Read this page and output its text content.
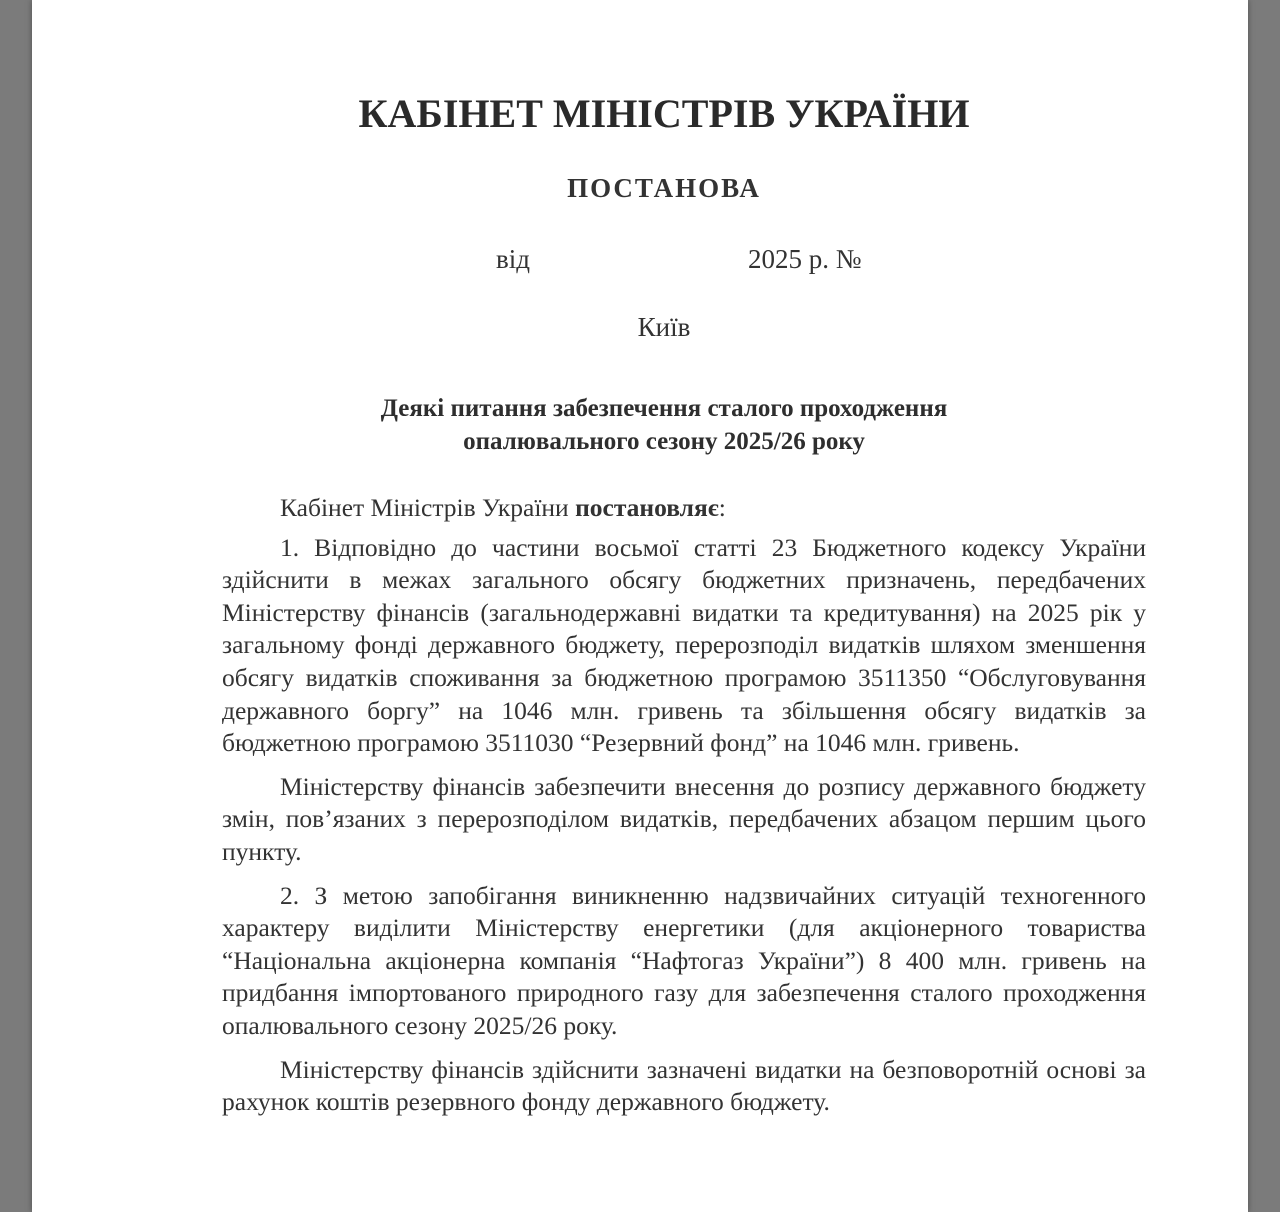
КАБІНЕТ МІНІСТРІВ УКРАЇНИ
ПОСТАНОВА
від	2025 р. №
Київ
Деякі питання забезпечення сталого проходження
опалювального сезону 2025/26 року

Кабінет Міністрів України постановляє:

1. Відповідно до частини восьмої статті 23 Бюджетного кодексу України здійснити в межах загального обсягу бюджетних призначень, передбачених Міністерству фінансів (загальнодержавні видатки та кредитування) на 2025 рік у загальному фонді державного бюджету, перерозподіл видатків шляхом зменшення обсягу видатків споживання за бюджетною програмою 3511350 “Обслуговування державного боргу” на 1046 млн. гривень та збільшення обсягу видатків за бюджетною програмою 3511030 “Резервний фонд” на 1046 млн. гривень.

Міністерству фінансів забезпечити внесення до розпису державного бюджету змін, пов’язаних з перерозподілом видатків, передбачених абзацом першим цього пункту.

2. З метою запобігання виникненню надзвичайних ситуацій техногенного характеру виділити Міністерству енергетики (для акціонерного товариства “Національна акціонерна компанія “Нафтогаз України”) 8 400 млн. гривень на придбання імпортованого природного газу для забезпечення сталого проходження опалювального сезону 2025/26 року.

Міністерству фінансів здійснити зазначені видатки на безповоротній основі за рахунок коштів резервного фонду державного бюджету.
